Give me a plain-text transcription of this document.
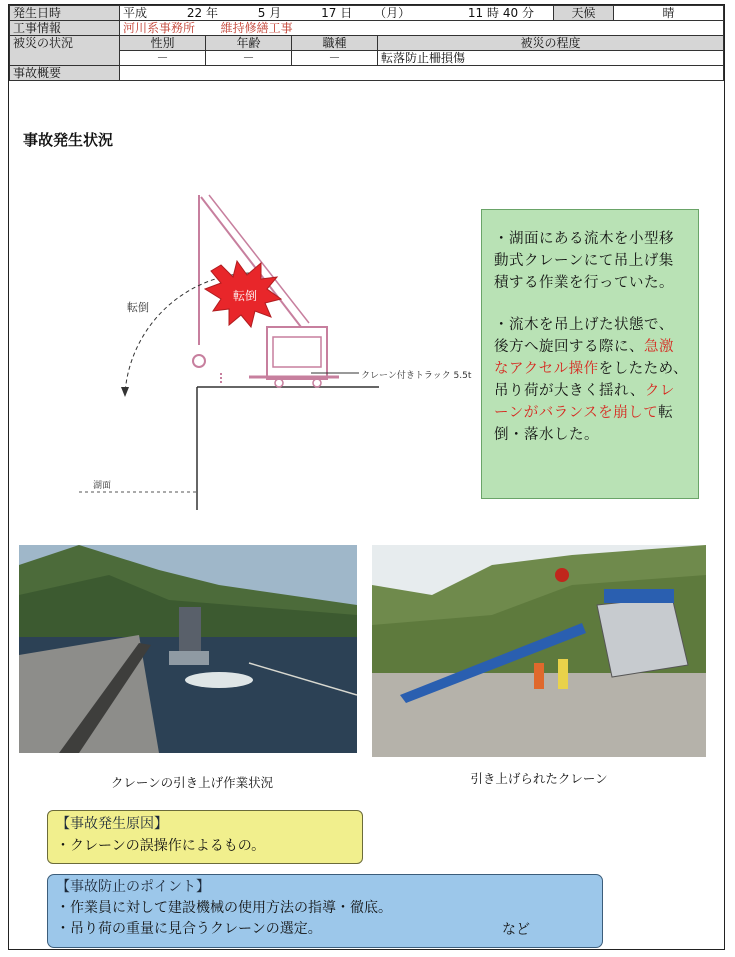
発生日時	平成 22 年 5 月 17 日 （月） 11 時 40 分				天候	晴
工事情報	河川系事務所 維持修繕工事					
被災の状況	性別	年齢	職種	被災の程度		
	－	－	－	転落防止柵損傷		
事故概要						
事故発生状況
転倒
転倒
クレーン付きトラック 5.5t
湖面

・湖面にある流木を小型移動式クレーンにて吊上げ集積する作業を行っていた。

・流木を吊上げた状態で、後方へ旋回する際に、急激なアクセル操作をしたため、吊り荷が大きく揺れ、クレーンがバランスを崩して転倒・落水した。

クレーンの引き上げ作業状況	引き上げられたクレーン
【事故発生原因】
・クレーンの誤操作によるもの。
【事故防止のポイント】
・作業員に対して建設機械の使用方法の指導・徹底。
・吊り荷の重量に見合うクレーンの選定。	など
